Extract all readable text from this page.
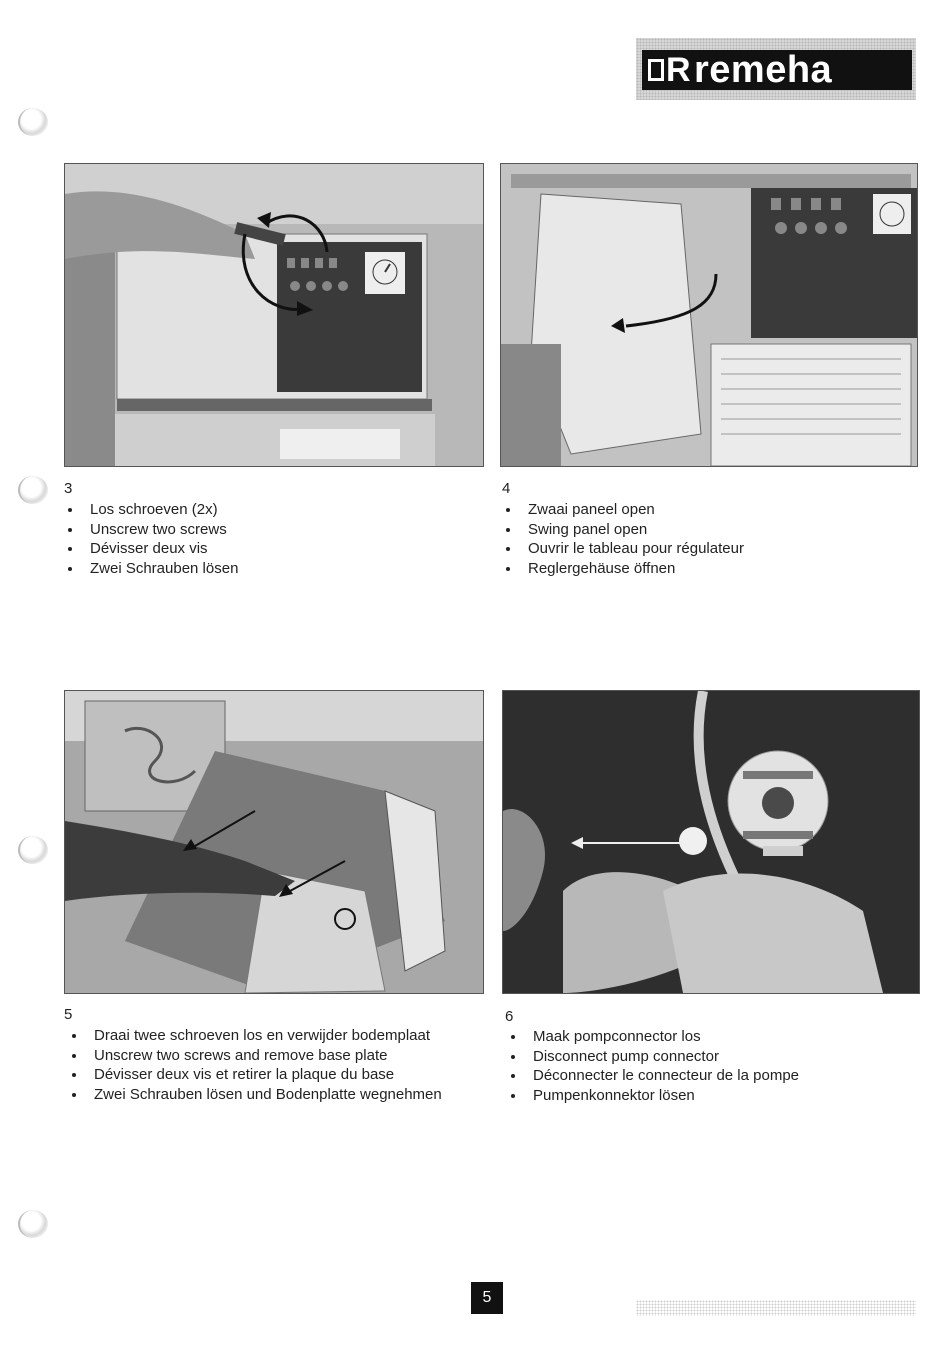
R remeha
3
Los schroeven (2x)
Unscrew two screws
Dévisser deux vis
Zwei Schrauben lösen
4
Zwaai paneel open
Swing panel open
Ouvrir le tableau pour régulateur
Reglergehäuse öffnen
5
Draai twee schroeven los en verwijder bodemplaat
Unscrew two screws and remove base plate
Dévisser deux vis et retirer la plaque du base
Zwei Schrauben lösen und Bodenplatte wegnehmen
6
Maak pompconnector los
Disconnect pump connector
Déconnecter le connecteur de la pompe
Pumpenkonnektor lösen
5
